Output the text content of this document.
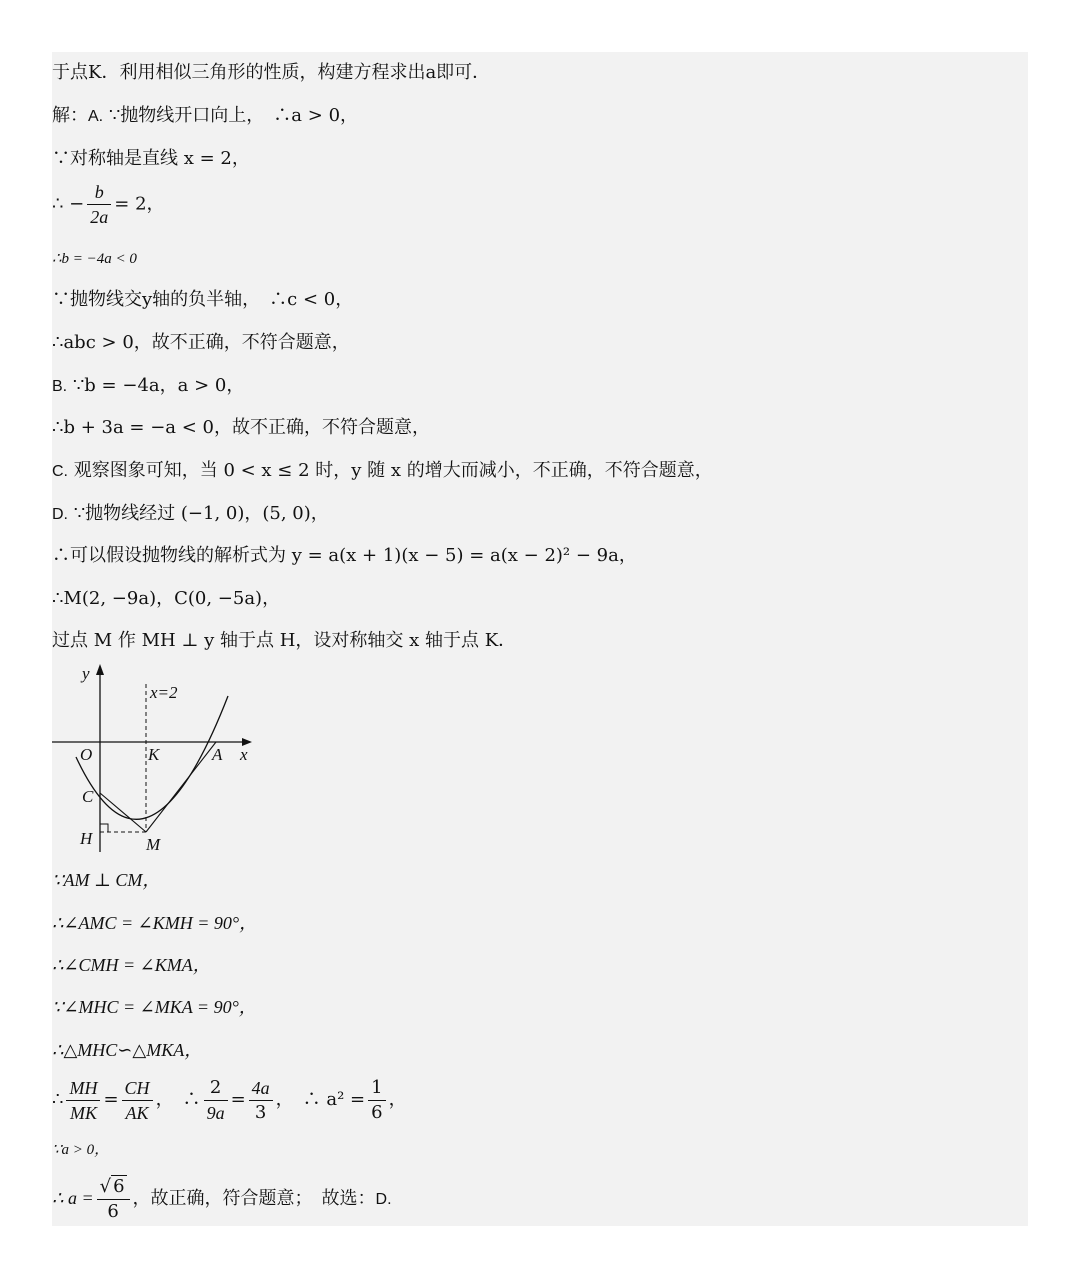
于点K．利用相似三角形的性质，构建方程求出a即可．
解：A. ∵抛物线开口向上，　∴a > 0，
∵对称轴是直线 x = 2，
∴ − $\frac{b}{2a} = 2$，
∴b = −4a < 0
∵抛物线交y轴的负半轴，　∴c < 0，
∴abc > 0，故不正确，不符合题意，
B. ∵b = −4a，a > 0，
∴b + 3a = −a < 0，故不正确，不符合题意，
C. 观察图象可知，当 0 < x ≤ 2 时，y 随 x 的增大而减小，不正确，不符合题意，
D. ∵抛物线经过 (−1, 0)，(5, 0)，
∴可以假设抛物线的解析式为 y = a(x + 1)(x − 5) = a(x − 2)² − 9a，
∴M(2, −9a)，C(0, −5a)，
过点 M 作 MH ⊥ y 轴于点 H，设对称轴交 x 轴于点 K．
y
x
x=2
O	K	A
C
H	M
∵AM ⊥ CM，
∴∠AMC = ∠KMH = 90°，
∴∠CMH = ∠KMA，
∵∠MHC = ∠MKA = 90°，
∴△MHC∽△MKA，
∴ $\frac{MH}{MK} = \frac{CH}{AK}$ ，　∴ $\frac{2}{9a} = \frac{4a}{3}$ ，　∴ $a^2 = \frac{1}{6}$ ，
∵a > 0，
∴ $a = \frac{√ 6}{6}$ ，故正确，符合题意；　故选：D.
